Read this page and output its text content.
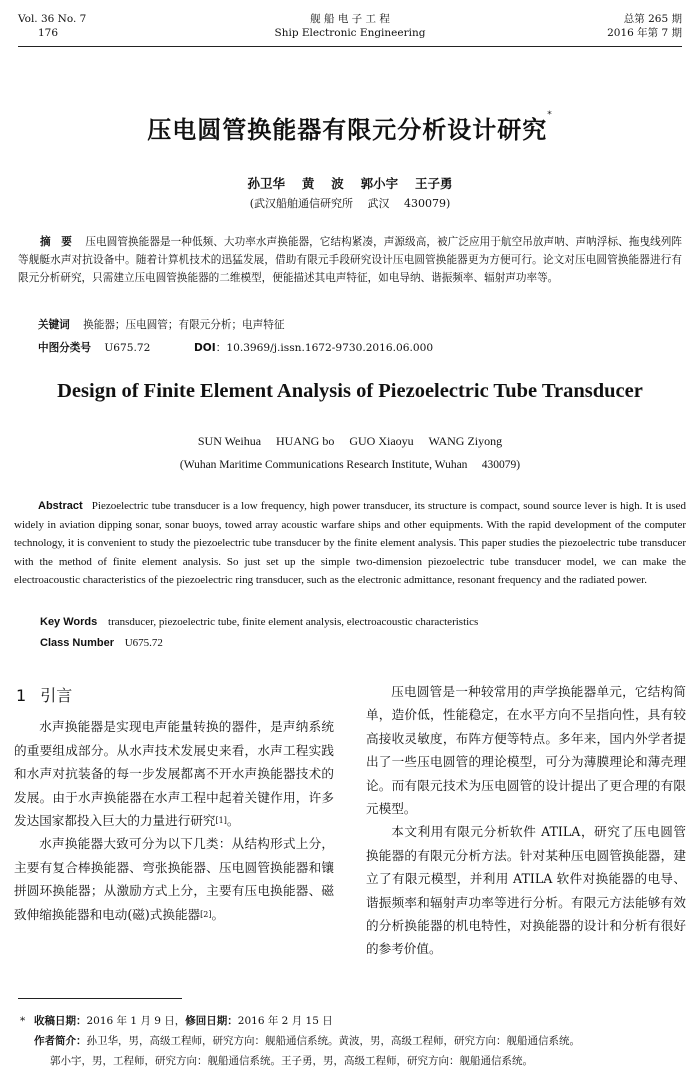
Vol. 36 No. 7
176
舰 船 电 子 工 程
Ship Electronic Engineering
总第 265 期
2016 年第 7 期
压电圆管换能器有限元分析设计研究*
孙卫华　 黄　 波　 郭小宇　 王子勇
(武汉船舶通信研究所　 武汉　 430079)
摘　要 压电圆管换能器是一种低频、大功率水声换能器，它结构紧凑，声源级高，被广泛应用于航空吊放声呐、声呐浮标、拖曳线列阵等舰艇水声对抗设备中。随着计算机技术的迅猛发展，借助有限元手段研究设计压电圆管换能器更为方便可行。论文对压电圆管换能器进行有限元分析研究，只需建立压电圆管换能器的二维模型，便能描述其电声特征，如电导纳、谐振频率、辐射声功率等。
关键词 换能器；压电圆管；有限元分析；电声特征
中图分类号 U675.72	DOI：10.3969/j.issn.1672-9730.2016.06.000
Design of Finite Element Analysis of Piezoelectric Tube Transducer
SUN Weihua　 HUANG bo　 GUO Xiaoyu　 WANG Ziyong
(Wuhan Maritime Communications Research Institute, Wuhan　 430079)
Abstract Piezoelectric tube transducer is a low frequency, high power transducer, its structure is compact, sound source lever is high. It is used widely in aviation dipping sonar, sonar buoys, towed array acoustic warfare ships and other equipments. With the rapid development of the computer technology, it is convenient to study the piezoelectric tube transducer by the finite element analysis. This paper studies the piezoelectric tube transducer with the method of finite element analysis. So just set up the simple two-dimension piezoelectric tube transducer model, we can make the electroacoustic characteristics of the piezoelectric ring transducer, such as the electronic admittance, resonant frequency and the radiated power.
Key Words transducer, piezoelectric tube, finite element analysis, electroacoustic characteristics
Class Number U675.72
1 引言

水声换能器是实现电声能量转换的器件，是声纳系统的重要组成部分。从水声技术发展史来看，水声工程实践和水声对抗装备的每一步发展都离不开水声换能器技术的发展。由于水声换能器在水声工程中起着关键作用，许多发达国家都投入巨大的力量进行研究[1]。

水声换能器大致可分为以下几类：从结构形式上分，主要有复合棒换能器、弯张换能器、压电圆管换能器和镶拼圆环换能器；从激励方式上分，主要有压电换能器、磁致伸缩换能器和电动(磁)式换能器[2]。

压电圆管是一种较常用的声学换能器单元，它结构简单，造价低，性能稳定，在水平方向不呈指向性，具有较高接收灵敏度，布阵方便等特点。多年来，国内外学者提出了一些压电圆管的理论模型，可分为薄膜理论和薄壳理论。而有限元技术为压电圆管的设计提出了更合理的有限元模型。

本文利用有限元分析软件 ATILA，研究了压电圆管换能器的有限元分析方法。针对某种压电圆管换能器，建立了有限元模型，并利用 ATILA 软件对换能器的电导、谐振频率和辐射声功率等进行分析。有限元方法能够有效的分析换能器的机电特性，对换能器的设计和分析有很好的参考价值。

* 收稿日期：2016 年 1 月 9 日，修回日期：2016 年 2 月 15 日
作者简介：孙卫华，男，高级工程师，研究方向：舰船通信系统。黄波，男，高级工程师，研究方向：舰船通信系统。
郭小宇，男，工程师，研究方向：舰船通信系统。王子勇，男，高级工程师，研究方向：舰船通信系统。
